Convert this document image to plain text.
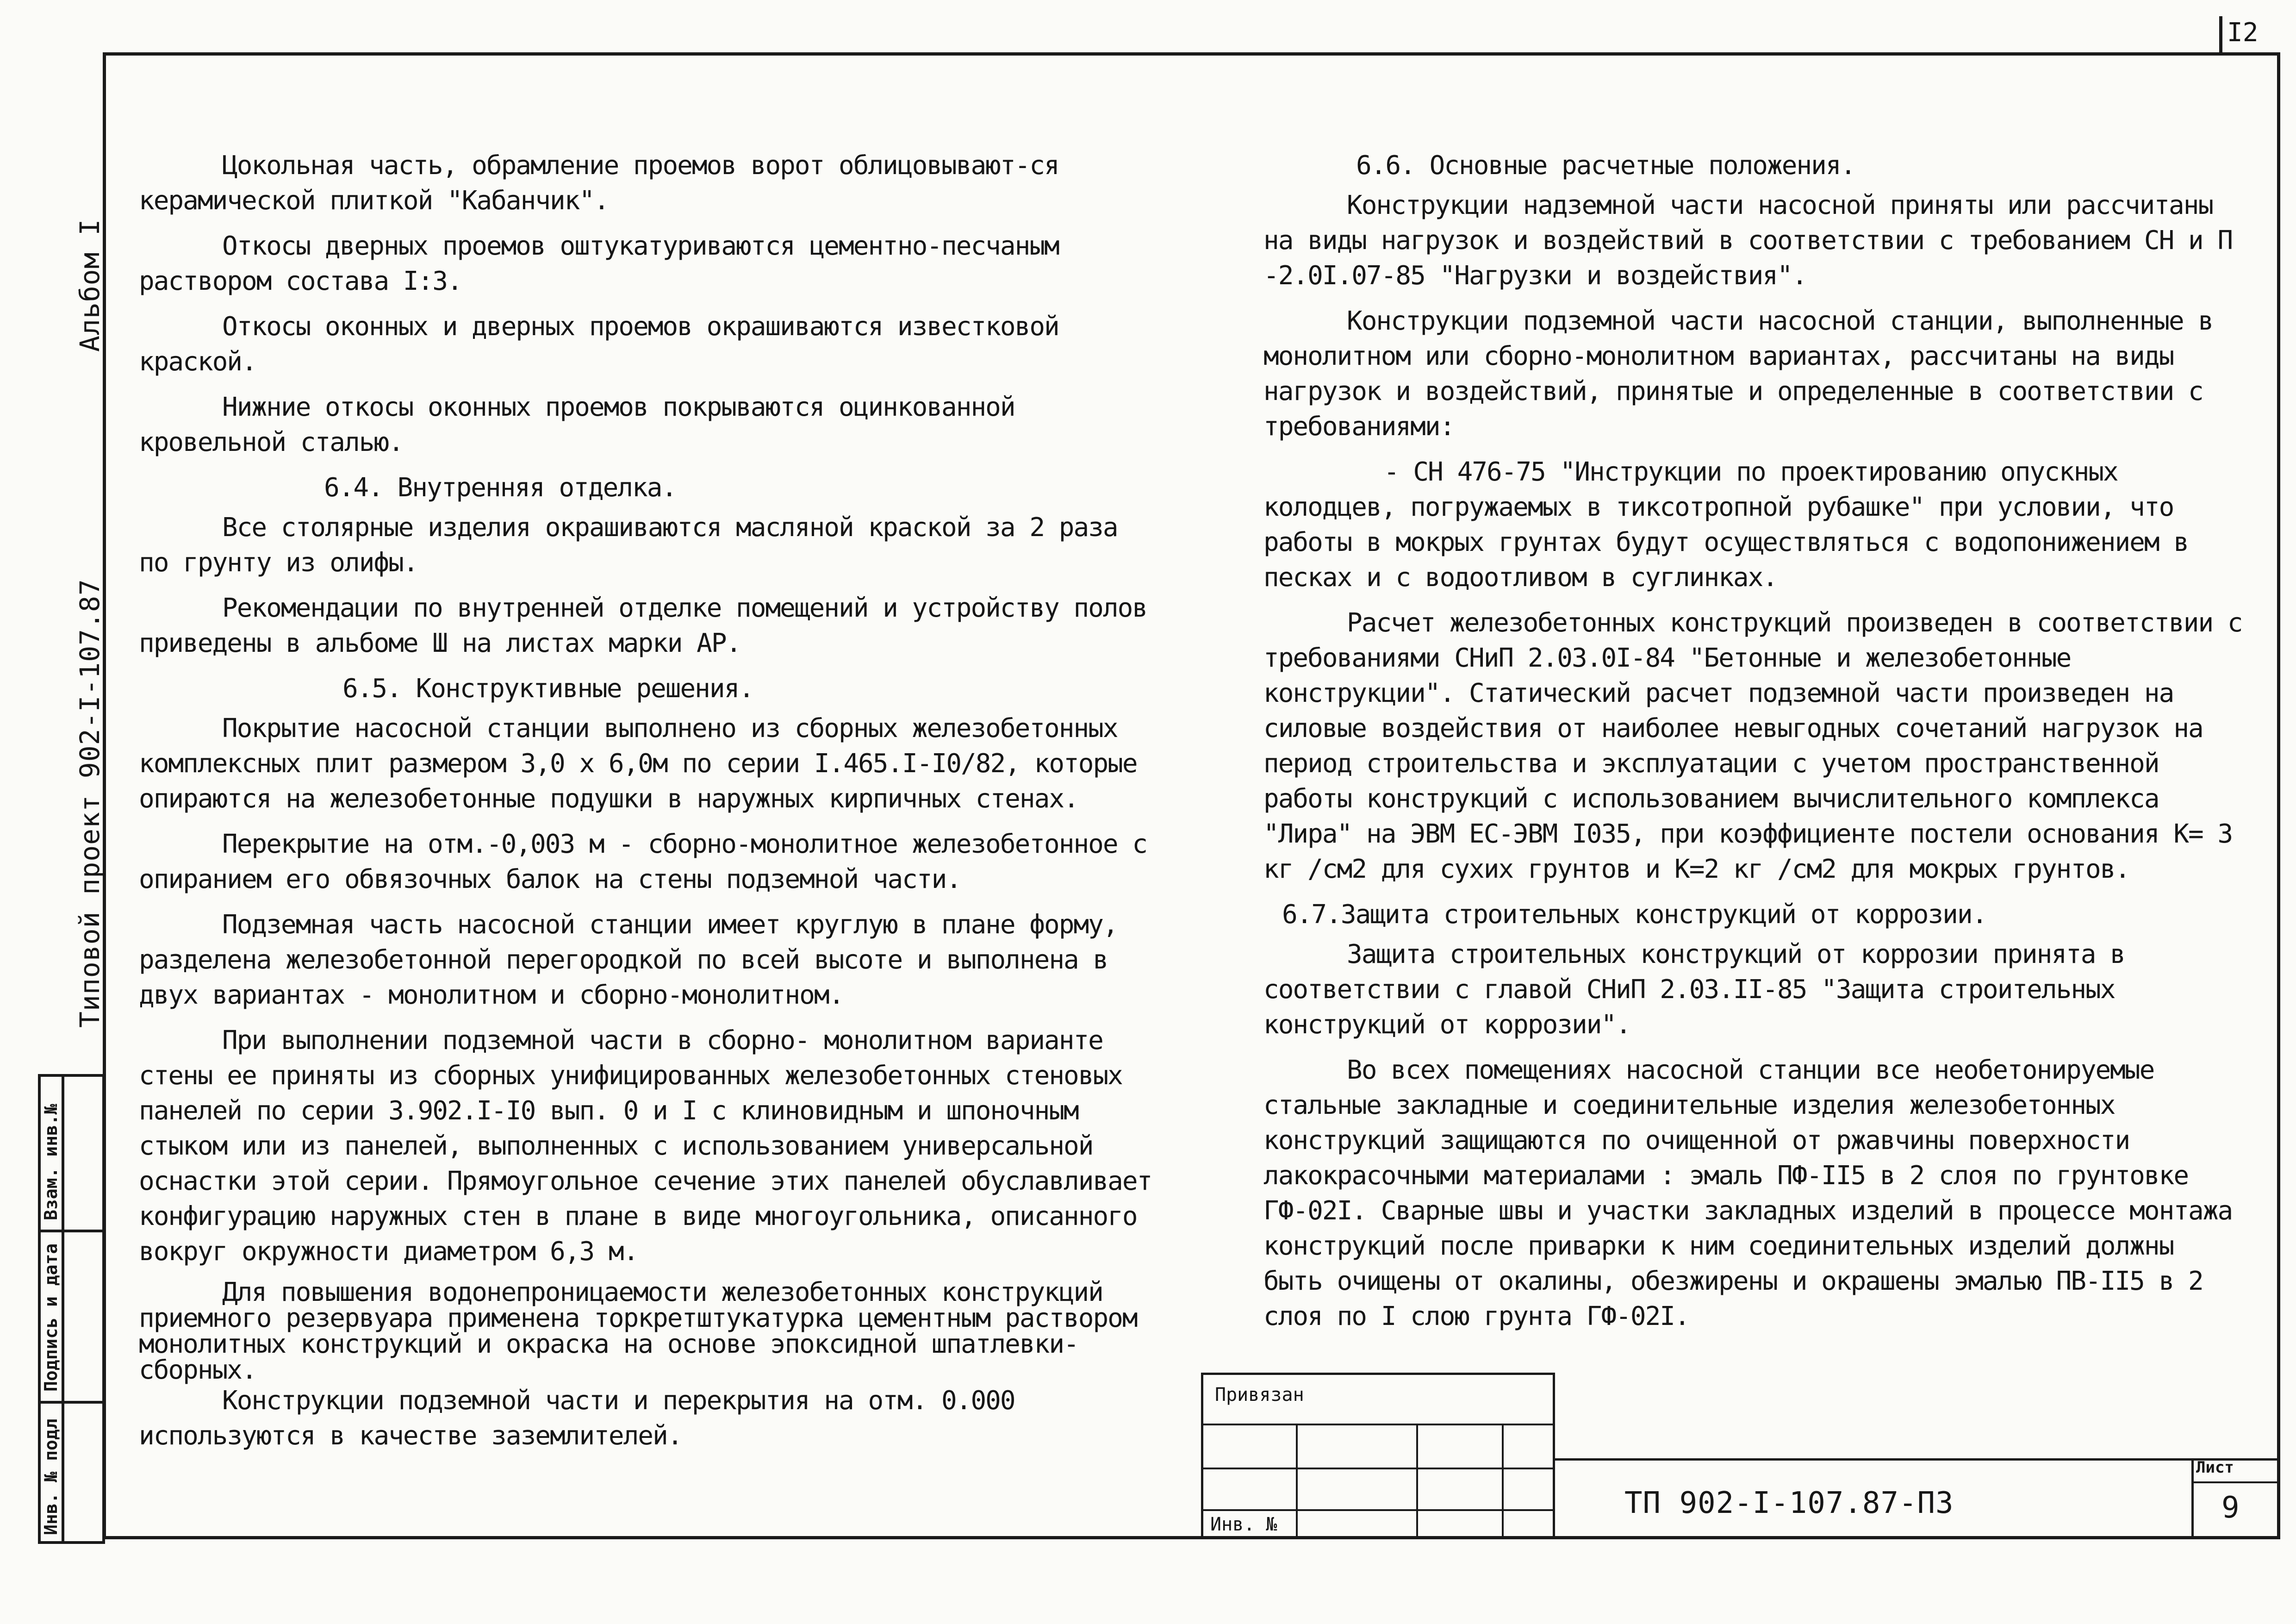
I2
Альбом I
Типовой проект 902-I-107.87
Взам. инв.№
Подпись и дата
Инв. № подл

Цокольная часть, обрамление проемов ворот облицовывают-ся керамической плиткой "Кабанчик".

Откосы дверных проемов оштукатуриваются цементно-песчаным раствором состава I:3.

Откосы оконных и дверных проемов окрашиваются известковой краской.

Нижние откосы оконных проемов покрываются оцинкованной кровельной сталью.

6.4. Внутренняя отделка.

Все столярные изделия окрашиваются масляной краской за 2 раза по грунту из олифы.

Рекомендации по внутренней отделке помещений и устройству полов приведены в альбоме Ш на листах марки АР.

6.5. Конструктивные решения.

Покрытие насосной станции выполнено из сборных железобетонных комплексных плит размером 3,0 х 6,0м по серии I.465.I-I0/82, которые опираются на железобетонные подушки в наружных кирпичных стенах.

Перекрытие на отм.-0,003 м - сборно-монолитное железобетонное с опиранием его обвязочных балок на стены подземной части.

Подземная часть насосной станции имеет круглую в плане форму, разделена железобетонной перегородкой по всей высоте и выполнена в двух вариантах - монолитном и сборно-монолитном.

При выполнении подземной части в сборно- монолитном варианте стены ее приняты из сборных унифицированных железобетонных стеновых панелей по серии 3.902.I-I0 вып. 0 и I с клиновидным и шпоночным стыком или из панелей, выполненных с использованием универсальной оснастки этой серии. Прямоугольное сечение этих панелей обуславливает конфигурацию наружных стен в плане в виде многоугольника, описанного вокруг окружности диаметром 6,3 м.

Для повышения водонепроницаемости железобетонных конструкций приемного резервуара применена торкретштукатурка цементным раствором монолитных конструкций и окраска на основе эпоксидной шпатлевки-сборных.

Конструкции подземной части и перекрытия на отм. 0.000 используются в качестве заземлителей.

6.6. Основные расчетные положения.

Конструкции надземной части насосной приняты или рассчитаны на виды нагрузок и воздействий в соответствии с требованием СН и П -2.0I.07-85 "Нагрузки и воздействия".

Конструкции подземной части насосной станции, выполненные в монолитном или сборно-монолитном вариантах, рассчитаны на виды нагрузок и воздействий, принятые и определенные в соответствии с требованиями:

- СН 476-75 "Инструкции по проектированию опускных колодцев, погружаемых в тиксотропной рубашке" при условии, что работы в мокрых грунтах будут осуществляться с водопонижением в песках и с водоотливом в суглинках.

Расчет железобетонных конструкций произведен в соответствии с требованиями СНиП 2.03.0I-84 "Бетонные и железобетонные конструкции". Статический расчет подземной части произведен на силовые воздействия от наиболее невыгодных сочетаний нагрузок на период строительства и эксплуатации с учетом пространственной работы конструкций с использованием вычислительного комплекса "Лира" на ЭВМ ЕС-ЭВМ I035, при коэффициенте постели основания К= 3 кг /см2 для сухих грунтов и К=2 кг /см2 для мокрых грунтов.

6.7.Защита строительных конструкций от коррозии.

Защита строительных конструкций от коррозии принята в соответствии с главой СНиП 2.03.II-85 "Защита строительных конструкций от коррозии".

Во всех помещениях насосной станции все необетонируемые стальные закладные и соединительные изделия железобетонных конструкций защищаются по очищенной от ржавчины поверхности лакокрасочными материалами : эмаль ПФ-II5 в 2 слоя по грунтовке ГФ-02I. Сварные швы и участки закладных изделий в процессе монтажа конструкций после приварки к ним соединительных изделий должны быть очищены от окалины, обезжирены и окрашены эмалью ПВ-II5 в 2 слоя по I слою грунта ГФ-02I.

Привязан
Инв. №
ТП 902-I-107.87-П3
Лист
9
